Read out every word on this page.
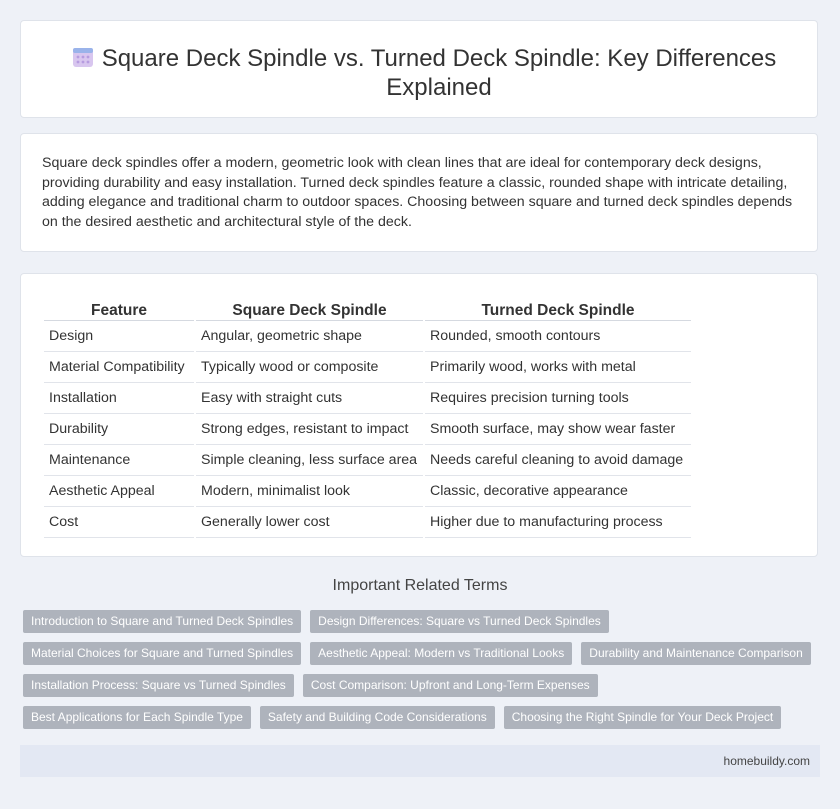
Square Deck Spindle vs. Turned Deck Spindle: Key Differences Explained
Square deck spindles offer a modern, geometric look with clean lines that are ideal for contemporary deck designs, providing durability and easy installation. Turned deck spindles feature a classic, rounded shape with intricate detailing, adding elegance and traditional charm to outdoor spaces. Choosing between square and turned deck spindles depends on the desired aesthetic and architectural style of the deck.
Feature	Square Deck Spindle	Turned Deck Spindle
Design	Angular, geometric shape	Rounded, smooth contours
Material Compatibility	Typically wood or composite	Primarily wood, works with metal
Installation	Easy with straight cuts	Requires precision turning tools
Durability	Strong edges, resistant to impact	Smooth surface, may show wear faster
Maintenance	Simple cleaning, less surface area	Needs careful cleaning to avoid damage
Aesthetic Appeal	Modern, minimalist look	Classic, decorative appearance
Cost	Generally lower cost	Higher due to manufacturing process
Important Related Terms
Introduction to Square and Turned Deck Spindles	Design Differences: Square vs Turned Deck Spindles
Material Choices for Square and Turned Spindles	Aesthetic Appeal: Modern vs Traditional Looks	Durability and Maintenance Comparison
Installation Process: Square vs Turned Spindles	Cost Comparison: Upfront and Long-Term Expenses
Best Applications for Each Spindle Type	Safety and Building Code Considerations	Choosing the Right Spindle for Your Deck Project
homebuildy.com
